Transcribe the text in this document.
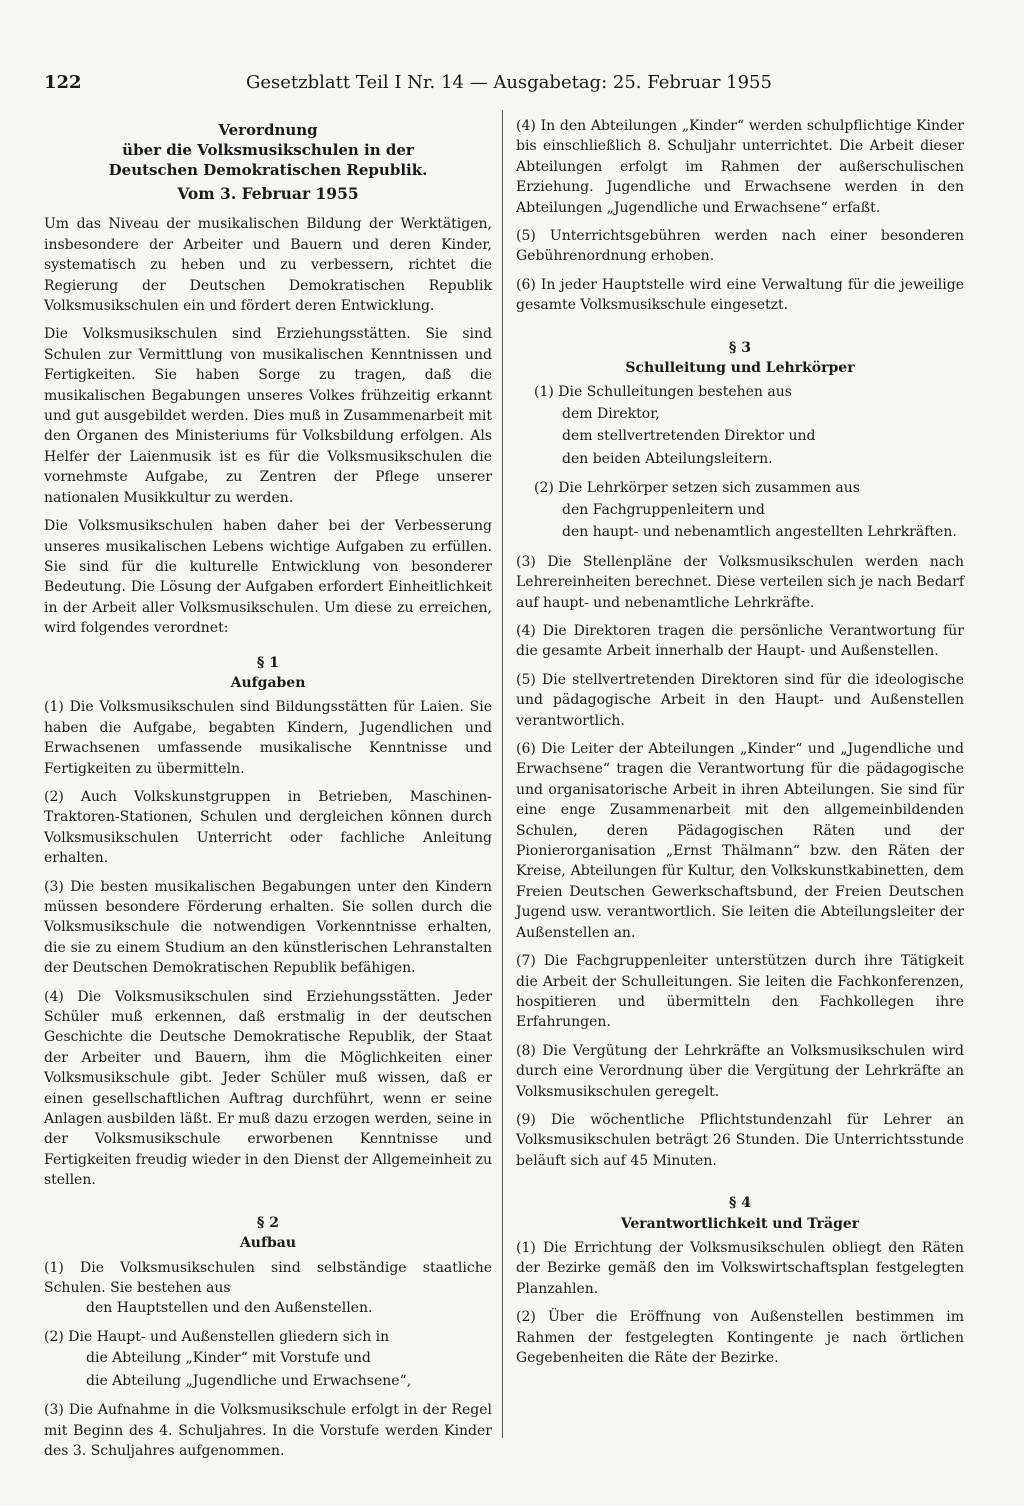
122	Gesetzblatt Teil I Nr. 14 — Ausgabetag: 25. Februar 1955
Verordnung
über die Volksmusikschulen in der
Deutschen Demokratischen Republik.
Vom 3. Februar 1955

Um das Niveau der musikalischen Bildung der Werktätigen, insbesondere der Arbeiter und Bauern und deren Kinder, systematisch zu heben und zu verbessern, richtet die Regierung der Deutschen Demokratischen Republik Volksmusikschulen ein und fördert deren Entwicklung.

Die Volksmusikschulen sind Erziehungsstätten. Sie sind Schulen zur Vermittlung von musikalischen Kenntnissen und Fertigkeiten. Sie haben Sorge zu tragen, daß die musikalischen Begabungen unseres Volkes frühzeitig erkannt und gut ausgebildet werden. Dies muß in Zusammenarbeit mit den Organen des Ministeriums für Volksbildung erfolgen. Als Helfer der Laienmusik ist es für die Volksmusikschulen die vornehmste Aufgabe, zu Zentren der Pflege unserer nationalen Musikkultur zu werden.

Die Volksmusikschulen haben daher bei der Verbesserung unseres musikalischen Lebens wichtige Aufgaben zu erfüllen. Sie sind für die kulturelle Entwicklung von besonderer Bedeutung. Die Lösung der Aufgaben erfordert Einheitlichkeit in der Arbeit aller Volksmusikschulen. Um diese zu erreichen, wird folgendes verordnet:

§ 1
Aufgaben

(1) Die Volksmusikschulen sind Bildungsstätten für Laien. Sie haben die Aufgabe, begabten Kindern, Jugendlichen und Erwachsenen umfassende musikalische Kenntnisse und Fertigkeiten zu übermitteln.

(2) Auch Volkskunstgruppen in Betrieben, Maschinen-Traktoren-Stationen, Schulen und dergleichen können durch Volksmusikschulen Unterricht oder fachliche Anleitung erhalten.

(3) Die besten musikalischen Begabungen unter den Kindern müssen besondere Förderung erhalten. Sie sollen durch die Volksmusikschule die notwendigen Vorkenntnisse erhalten, die sie zu einem Studium an den künstlerischen Lehranstalten der Deutschen Demokratischen Republik befähigen.

(4) Die Volksmusikschulen sind Erziehungsstätten. Jeder Schüler muß erkennen, daß erstmalig in der deutschen Geschichte die Deutsche Demokratische Republik, der Staat der Arbeiter und Bauern, ihm die Möglichkeiten einer Volksmusikschule gibt. Jeder Schüler muß wissen, daß er einen gesellschaftlichen Auftrag durchführt, wenn er seine Anlagen ausbilden läßt. Er muß dazu erzogen werden, seine in der Volksmusikschule erworbenen Kenntnisse und Fertigkeiten freudig wieder in den Dienst der Allgemeinheit zu stellen.

§ 2
Aufbau

(1) Die Volksmusikschulen sind selbständige staatliche Schulen. Sie bestehen aus

den Hauptstellen und den Außenstellen.

(2) Die Haupt- und Außenstellen gliedern sich in

die Abteilung „Kinder“ mit Vorstufe und
die Abteilung „Jugendliche und Erwachsene“,

(3) Die Aufnahme in die Volksmusikschule erfolgt in der Regel mit Beginn des 4. Schuljahres. In die Vorstufe werden Kinder des 3. Schuljahres aufgenommen.

(4) In den Abteilungen „Kinder“ werden schulpflichtige Kinder bis einschließlich 8. Schuljahr unterrichtet. Die Arbeit dieser Abteilungen erfolgt im Rahmen der außerschulischen Erziehung. Jugendliche und Erwachsene werden in den Abteilungen „Jugendliche und Erwachsene“ erfaßt.

(5) Unterrichtsgebühren werden nach einer besonderen Gebührenordnung erhoben.

(6) In jeder Hauptstelle wird eine Verwaltung für die jeweilige gesamte Volksmusikschule eingesetzt.

§ 3
Schulleitung und Lehrkörper

(1) Die Schulleitungen bestehen aus

dem Direktor,
dem stellvertretenden Direktor und
den beiden Abteilungsleitern.

(2) Die Lehrkörper setzen sich zusammen aus

den Fachgruppenleitern und
den haupt- und nebenamtlich angestellten Lehrkräften.

(3) Die Stellenpläne der Volksmusikschulen werden nach Lehrereinheiten berechnet. Diese verteilen sich je nach Bedarf auf haupt- und nebenamtliche Lehrkräfte.

(4) Die Direktoren tragen die persönliche Verantwortung für die gesamte Arbeit innerhalb der Haupt- und Außenstellen.

(5) Die stellvertretenden Direktoren sind für die ideologische und pädagogische Arbeit in den Haupt- und Außenstellen verantwortlich.

(6) Die Leiter der Abteilungen „Kinder“ und „Jugendliche und Erwachsene“ tragen die Verantwortung für die pädagogische und organisatorische Arbeit in ihren Abteilungen. Sie sind für eine enge Zusammenarbeit mit den allgemeinbildenden Schulen, deren Pädagogischen Räten und der Pionierorganisation „Ernst Thälmann“ bzw. den Räten der Kreise, Abteilungen für Kultur, den Volkskunstkabinetten, dem Freien Deutschen Gewerkschaftsbund, der Freien Deutschen Jugend usw. verantwortlich. Sie leiten die Abteilungsleiter der Außenstellen an.

(7) Die Fachgruppenleiter unterstützen durch ihre Tätigkeit die Arbeit der Schulleitungen. Sie leiten die Fachkonferenzen, hospitieren und übermitteln den Fachkollegen ihre Erfahrungen.

(8) Die Vergütung der Lehrkräfte an Volksmusikschulen wird durch eine Verordnung über die Vergütung der Lehrkräfte an Volksmusikschulen geregelt.

(9) Die wöchentliche Pflichtstundenzahl für Lehrer an Volksmusikschulen beträgt 26 Stunden. Die Unterrichtsstunde beläuft sich auf 45 Minuten.

§ 4
Verantwortlichkeit und Träger

(1) Die Errichtung der Volksmusikschulen obliegt den Räten der Bezirke gemäß den im Volkswirtschaftsplan festgelegten Planzahlen.

(2) Über die Eröffnung von Außenstellen bestimmen im Rahmen der festgelegten Kontingente je nach örtlichen Gegebenheiten die Räte der Bezirke.
